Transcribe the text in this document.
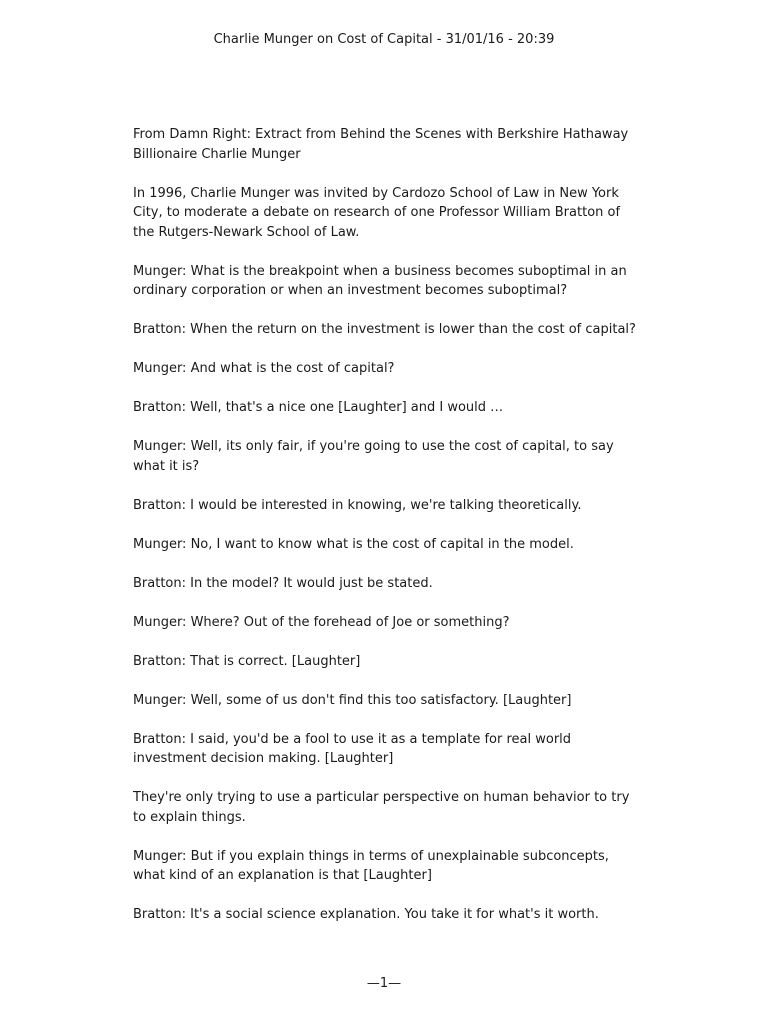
Charlie Munger on Cost of Capital - 31/01/16 - 20:39

From Damn Right: Extract from Behind the Scenes with Berkshire Hathaway Billionaire Charlie Munger

In 1996, Charlie Munger was invited by Cardozo School of Law in New York City, to moderate a debate on research of one Professor William Bratton of the Rutgers-Newark School of Law.

Munger: What is the breakpoint when a business becomes suboptimal in an ordinary corporation or when an investment becomes suboptimal?

Bratton: When the return on the investment is lower than the cost of capital?

Munger: And what is the cost of capital?

Bratton: Well, that's a nice one [Laughter] and I would …

Munger: Well, its only fair, if you're going to use the cost of capital, to say what it is?

Bratton: I would be interested in knowing, we're talking theoretically.

Munger: No, I want to know what is the cost of capital in the model.

Bratton: In the model? It would just be stated.

Munger: Where? Out of the forehead of Joe or something?

Bratton: That is correct. [Laughter]

Munger: Well, some of us don't find this too satisfactory. [Laughter]

Bratton: I said, you'd be a fool to use it as a template for real world investment decision making. [Laughter]

They're only trying to use a particular perspective on human behavior to try to explain things.

Munger: But if you explain things in terms of unexplainable subconcepts, what kind of an explanation is that [Laughter]

Bratton: It's a social science explanation. You take it for what's it worth.

—1—
